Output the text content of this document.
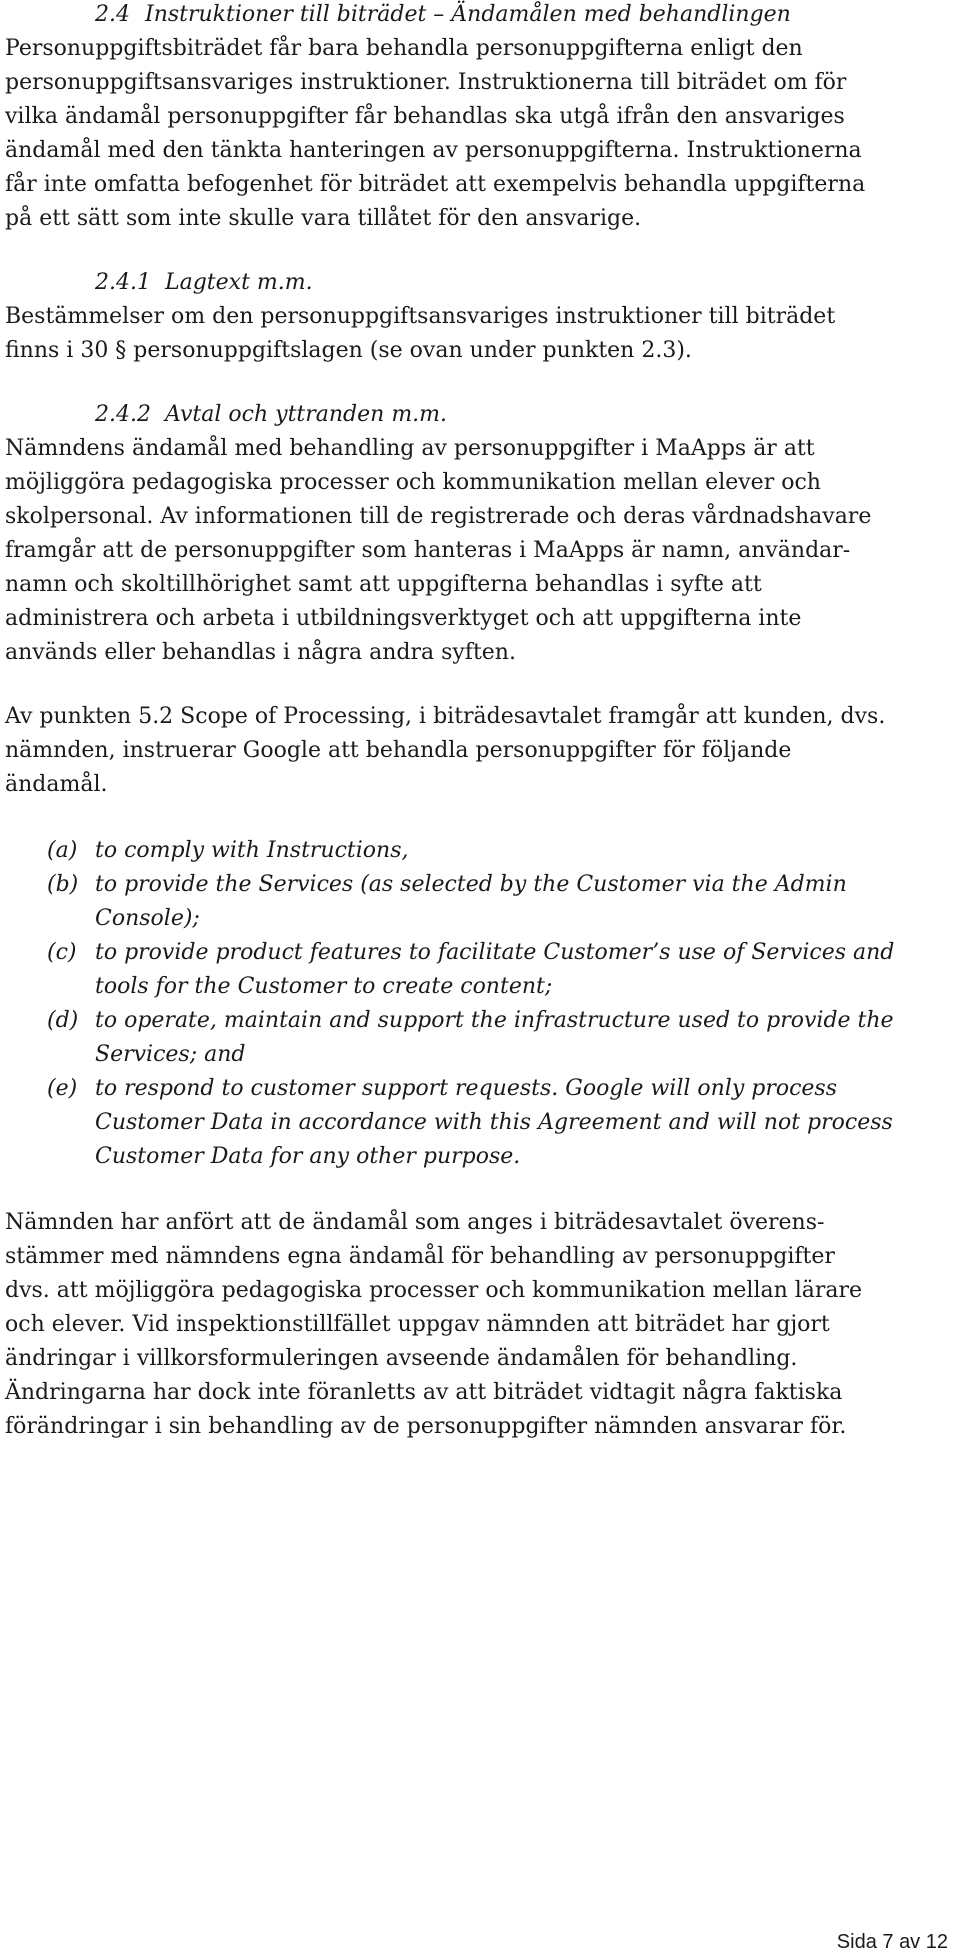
2.4 Instruktioner till biträdet – Ändamålen med behandlingen
Personuppgiftsbiträdet får bara behandla personuppgifterna enligt den
personuppgiftsansvariges instruktioner. Instruktionerna till biträdet om för
vilka ändamål personuppgifter får behandlas ska utgå ifrån den ansvariges
ändamål med den tänkta hanteringen av personuppgifterna. Instruktionerna
får inte omfatta befogenhet för biträdet att exempelvis behandla uppgifterna
på ett sätt som inte skulle vara tillåtet för den ansvarige.
2.4.1 Lagtext m.m.
Bestämmelser om den personuppgiftsansvariges instruktioner till biträdet
finns i 30 § personuppgiftslagen (se ovan under punkten 2.3).
2.4.2 Avtal och yttranden m.m.
Nämndens ändamål med behandling av personuppgifter i MaApps är att
möjliggöra pedagogiska processer och kommunikation mellan elever och
skolpersonal. Av informationen till de registrerade och deras vårdnadshavare
framgår att de personuppgifter som hanteras i MaApps är namn, användar-
namn och skoltillhörighet samt att uppgifterna behandlas i syfte att
administrera och arbeta i utbildningsverktyget och att uppgifterna inte
används eller behandlas i några andra syften.
Av punkten 5.2 Scope of Processing, i biträdesavtalet framgår att kunden, dvs.
nämnden, instruerar Google att behandla personuppgifter för följande
ändamål.
(a) to comply with Instructions,
(b) to provide the Services (as selected by the Customer via the Admin
Console);
(c) to provide product features to facilitate Customer’s use of Services and
tools for the Customer to create content;
(d) to operate, maintain and support the infrastructure used to provide the
Services; and
(e) to respond to customer support requests. Google will only process
Customer Data in accordance with this Agreement and will not process
Customer Data for any other purpose.
Nämnden har anfört att de ändamål som anges i biträdesavtalet överens-
stämmer med nämndens egna ändamål för behandling av personuppgifter
dvs. att möjliggöra pedagogiska processer och kommunikation mellan lärare
och elever. Vid inspektionstillfället uppgav nämnden att biträdet har gjort
ändringar i villkorsformuleringen avseende ändamålen för behandling.
Ändringarna har dock inte föranletts av att biträdet vidtagit några faktiska
förändringar i sin behandling av de personuppgifter nämnden ansvarar för.
Sida 7 av 12
